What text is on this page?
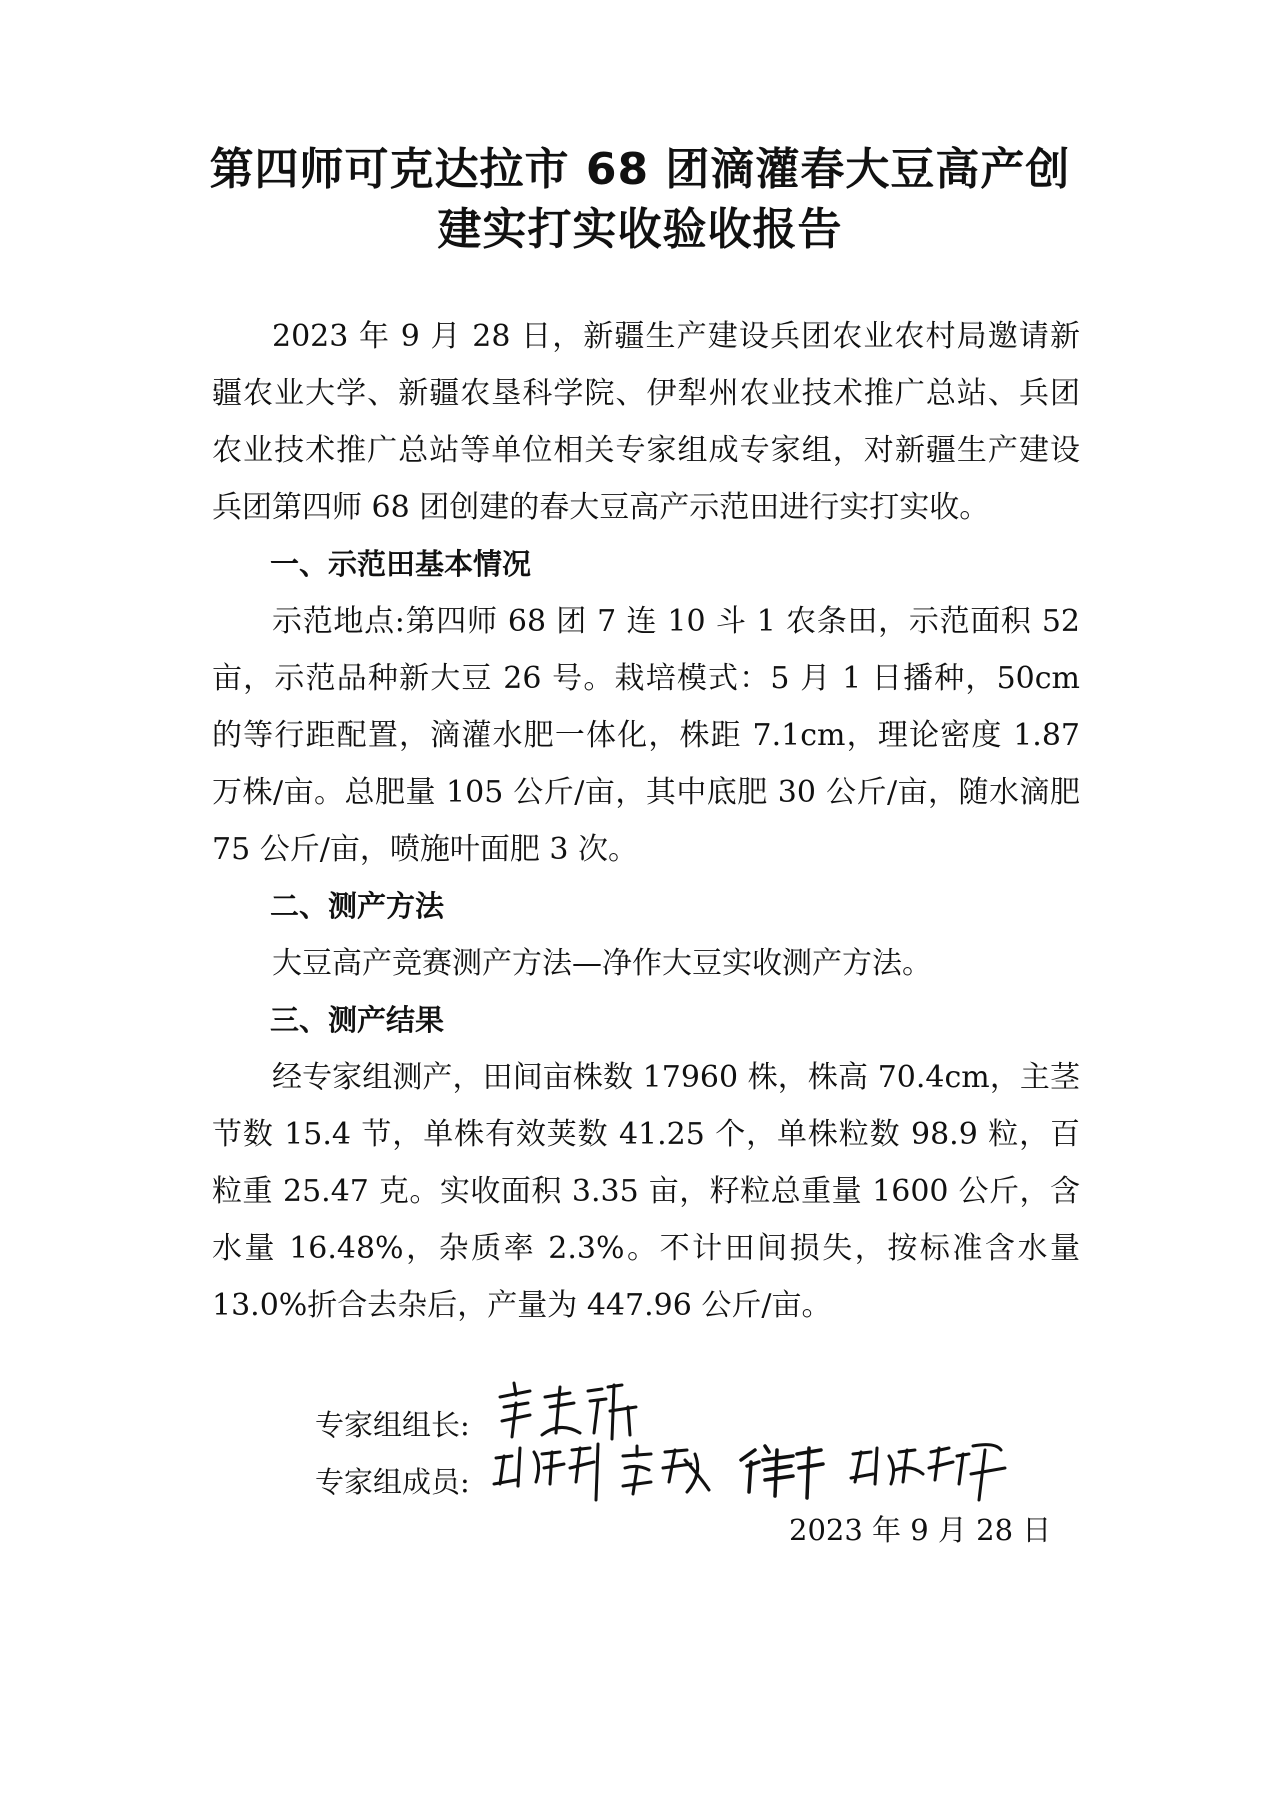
第四师可克达拉市 68 团滴灌春大豆高产创
建实打实收验收报告

2023 年 9 月 28 日，新疆生产建设兵团农业农村局邀请新疆农业大学、新疆农垦科学院、伊犁州农业技术推广总站、兵团农业技术推广总站等单位相关专家组成专家组，对新疆生产建设兵团第四师 68 团创建的春大豆高产示范田进行实打实收。

一、示范田基本情况

示范地点:第四师 68 团 7 连 10 斗 1 农条田，示范面积 52 亩，示范品种新大豆 26 号。栽培模式：5 月 1 日播种，50cm 的等行距配置，滴灌水肥一体化，株距 7.1cm，理论密度 1.87 万株/亩。总肥量 105 公斤/亩，其中底肥 30 公斤/亩，随水滴肥 75 公斤/亩，喷施叶面肥 3 次。

二、测产方法

大豆高产竞赛测产方法—净作大豆实收测产方法。

三、测产结果

经专家组测产，田间亩株数 17960 株，株高 70.4cm，主茎节数 15.4 节，单株有效荚数 41.25 个，单株粒数 98.9 粒，百粒重 25.47 克。实收面积 3.35 亩，籽粒总重量 1600 公斤，含水量 16.48%，杂质率 2.3%。不计田间损失，按标准含水量 13.0%折合去杂后，产量为 447.96 公斤/亩。

专家组组长:
专家组成员:
2023 年 9 月 28 日
